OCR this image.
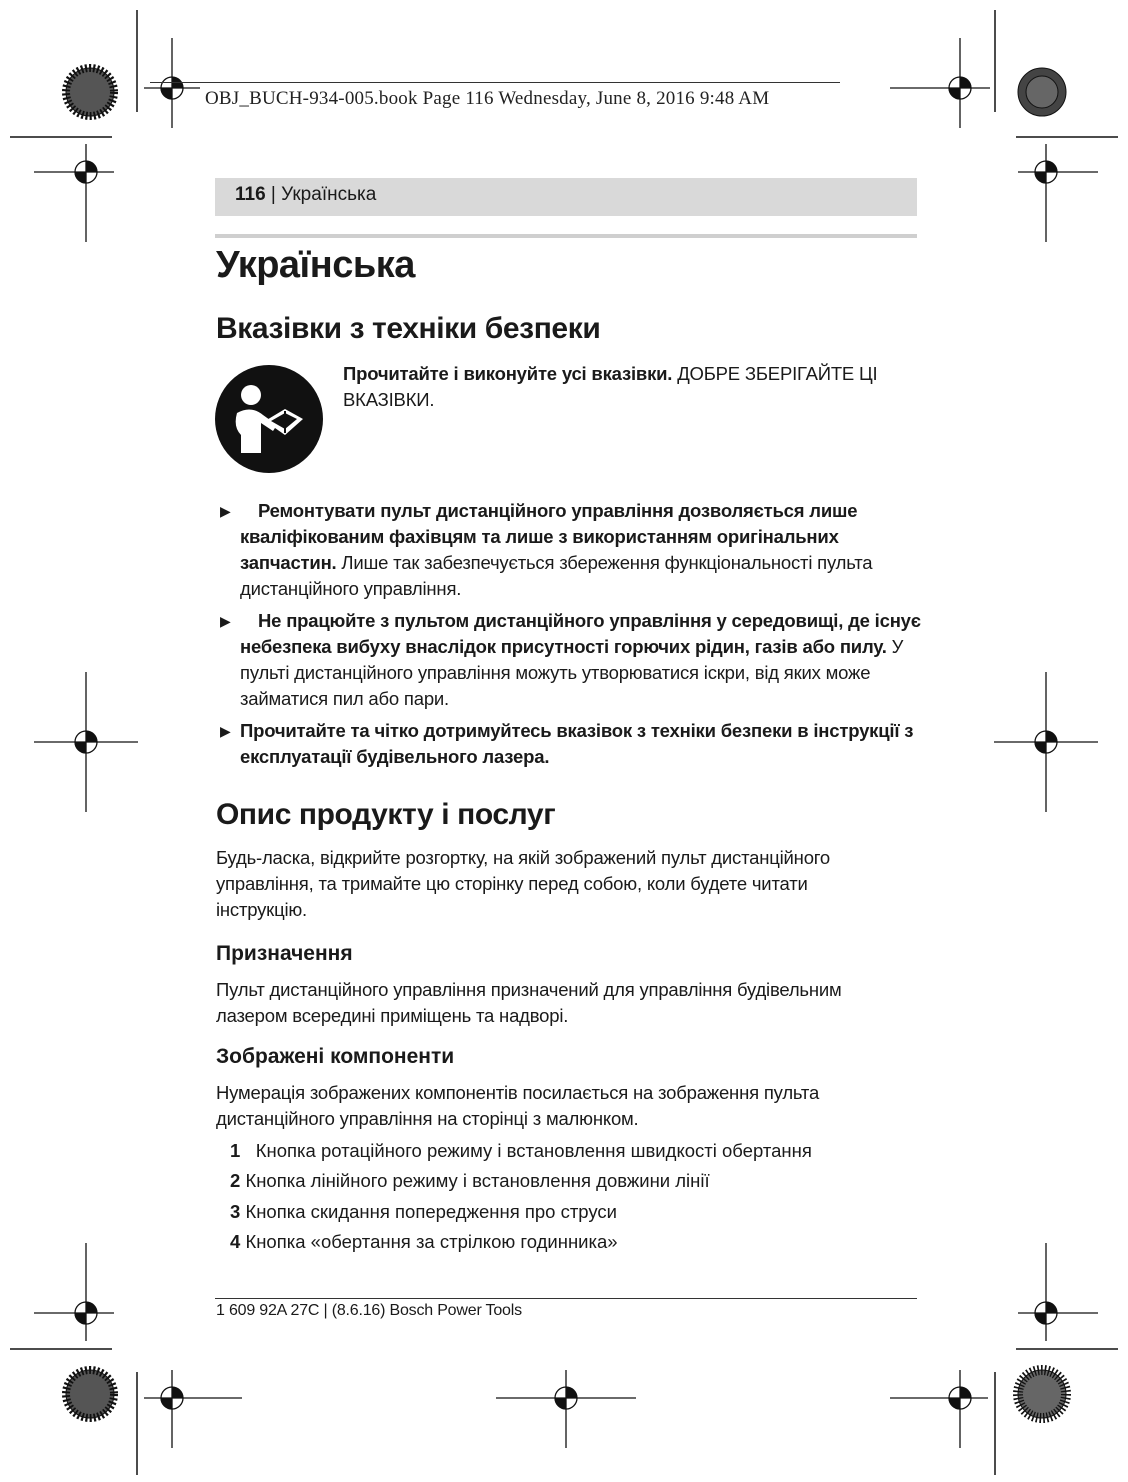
OBJ_BUCH-934-005.book Page 116 Wednesday, June 8, 2016 9:48 AM
116 | Українська
Українська
Вказівки з техніки безпеки
Прочитайте і виконуйте усі вказівки. ДОБРЕ ЗБЕРІГАЙТЕ ЦІ ВКАЗІВКИ.
▶	Ремонтувати пульт дистанційного управління дозволяється лише кваліфікованим фахівцям та лише з використанням оригінальних запчастин. Лише так забезпечується збереження функціональності пульта дистанційного управління.
▶	Не працюйте з пультом дистанційного управління у середовищі, де існує небезпека вибуху внаслідок присутності горючих рідин, газів або пилу. У пульті дистанційного управління можуть утворюватися іскри, від яких може займатися пил або пари.
▶ Прочитайте та чітко дотримуйтесь вказівок з техніки безпеки в інструкції з експлуатації будівельного лазера.
Опис продукту і послуг
Будь-ласка, відкрийте розгортку, на якій зображений пульт дистанційного управління, та тримайте цю сторінку перед собою, коли будете читати інструкцію.
Призначення
Пульт дистанційного управління призначений для управління будівельним лазером всередині приміщень та надворі.
Зображені компоненти
Нумерація зображених компонентів посилається на зображення пульта дистанційного управління на сторінці з малюнком.
1 Кнопка ротаційного режиму і встановлення швидкості обертання
2 Кнопка лінійного режиму і встановлення довжини лінії
3 Кнопка скидання попередження про струси
4 Кнопка «обертання за стрілкою годинника»
1 609 92A 27C | (8.6.16) Bosch Power Tools
